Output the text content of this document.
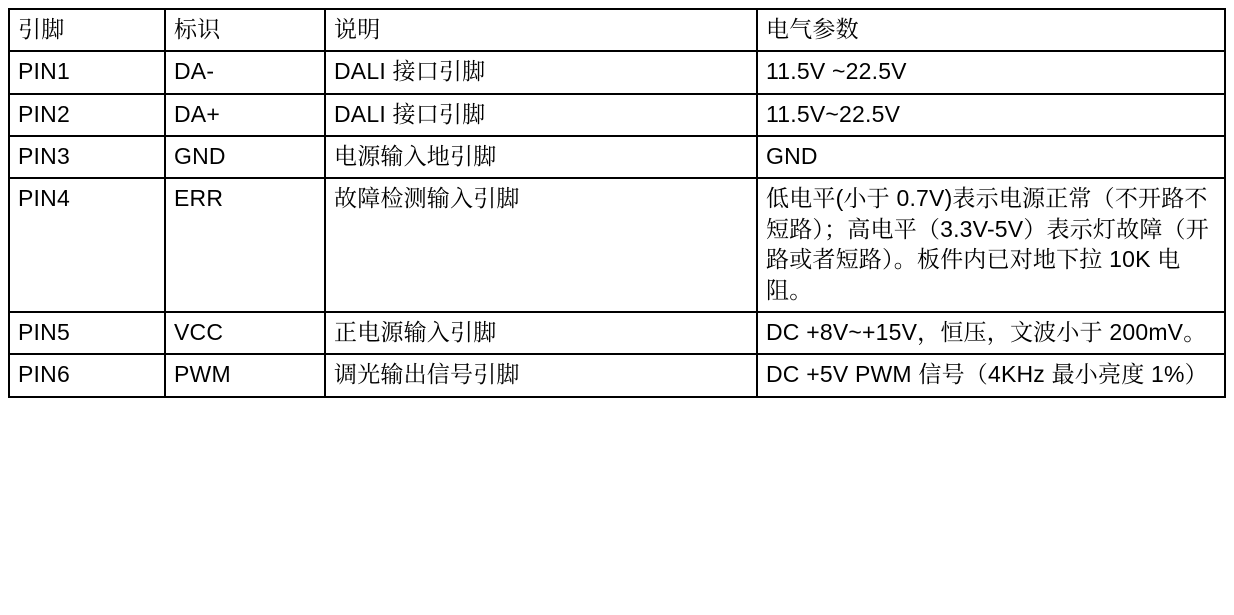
引脚	标识	说明	电气参数

PIN1	DA-	DALI 接口引脚	11.5V ~22.5V

PIN2	DA+	DALI 接口引脚	11.5V~22.5V

PIN3	GND	电源输入地引脚	GND

PIN4	ERR	故障检测输入引脚	低电平(小于 0.7V)表示电源正常（不开路不短路）；高电平（3.3V-5V）表示灯故障（开路或者短路）。板件内已对地下拉 10K 电阻。

PIN5	VCC	正电源输入引脚	DC +8V~+15V，恒压，文波小于 200mV。

PIN6	PWM	调光输出信号引脚	DC +5V PWM 信号（4KHz 最小亮度 1%）
